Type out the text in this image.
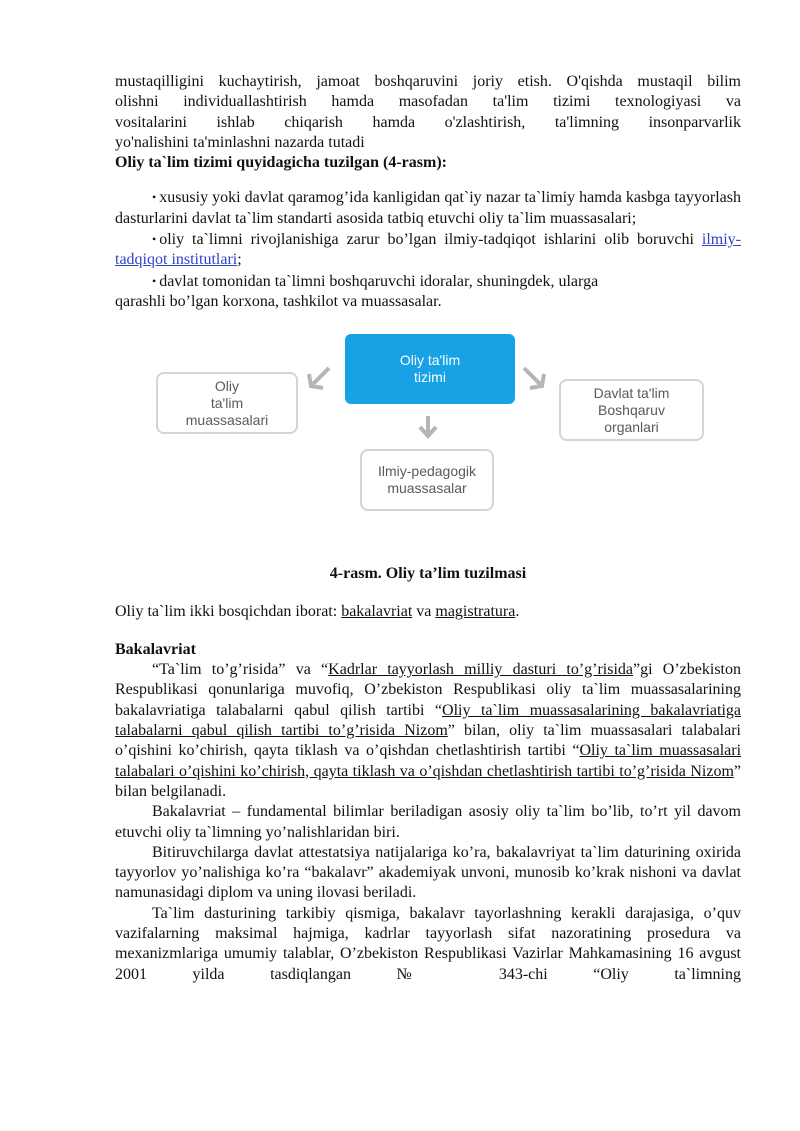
mustaqilligini kuchaytirish, jamoat boshqaruvini joriy etish. O'qishda mustaqil bilim

olishni individuallashtirish hamda masofadan ta'lim tizimi texnologiyasi va

vositalarini ishlab chiqarish hamda o'zlashtirish, ta'limning insonparvarlik

yo'nalishini ta'minlashni nazarda tutadi

Oliy ta`lim tizimi quyidagicha tuzilgan (4-rasm):

• xususiy yoki davlat qaramog’ida kanligidan qat`iy nazar ta`limiy hamda kasbga tayyorlash dasturlarini davlat ta`lim standarti asosida tatbiq etuvchi oliy ta`lim muassasalari;

• oliy ta`limni rivojlanishiga zarur bo’lgan ilmiy-tadqiqot ishlarini olib boruvchi ilmiy-tadqiqot institutlari;

• davlat tomonidan ta`limni boshqaruvchi idoralar, shuningdek, ularga

qarashli bo’lgan korxona, tashkilot va muassasalar.

Oliy ta'lim
tizimi
Oliy
ta'lim
muassasalari
Davlat ta'lim
Boshqaruv
organlari
Ilmiy-pedagogik
muassasalar

4-rasm. Oliy ta’lim tuzilmasi

Oliy ta`lim ikki bosqichdan iborat: bakalavriat va magistratura.

Bakalavriat

“Ta`lim to’g’risida” va “Kadrlar tayyorlash milliy dasturi to’g’risida”gi O’zbekiston Respublikasi qonunlariga muvofiq, O’zbekiston Respublikasi oliy ta`lim muassasalarining bakalavriatiga talabalarni qabul qilish tartibi “Oliy ta`lim muassasalarining bakalavriatiga talabalarni qabul qilish tartibi to’g’risida Nizom” bilan, oliy ta`lim muassasalari talabalari o’qishini ko’chirish, qayta tiklash va o’qishdan chetlashtirish tartibi “Oliy ta`lim muassasalari talabalari o’qishini ko’chirish, qayta tiklash va o’qishdan chetlashtirish tartibi to’g’risida Nizom” bilan belgilanadi.

Bakalavriat – fundamental bilimlar beriladigan asosiy oliy ta`lim bo’lib, to’rt yil davom etuvchi oliy ta`limning yo’nalishlaridan biri.

Bitiruvchilarga davlat attestatsiya natijalariga ko’ra, bakalavriyat ta`lim daturining oxirida tayyorlov yo’nalishiga ko’ra “bakalavr” akademiyak unvoni, munosib ko’krak nishoni va davlat namunasidagi diplom va uning ilovasi beriladi.

Ta`lim dasturining tarkibiy qismiga, bakalavr tayorlashning kerakli darajasiga, o’quv vazifalarning maksimal hajmiga, kadrlar tayyorlash sifat nazoratining prosedura va mexanizmlariga umumiy talablar, O’zbekiston Respublikasi Vazirlar Mahkamasining 16 avgust 2001 yilda tasdiqlangan № 343-chi “Oliy ta`limning
